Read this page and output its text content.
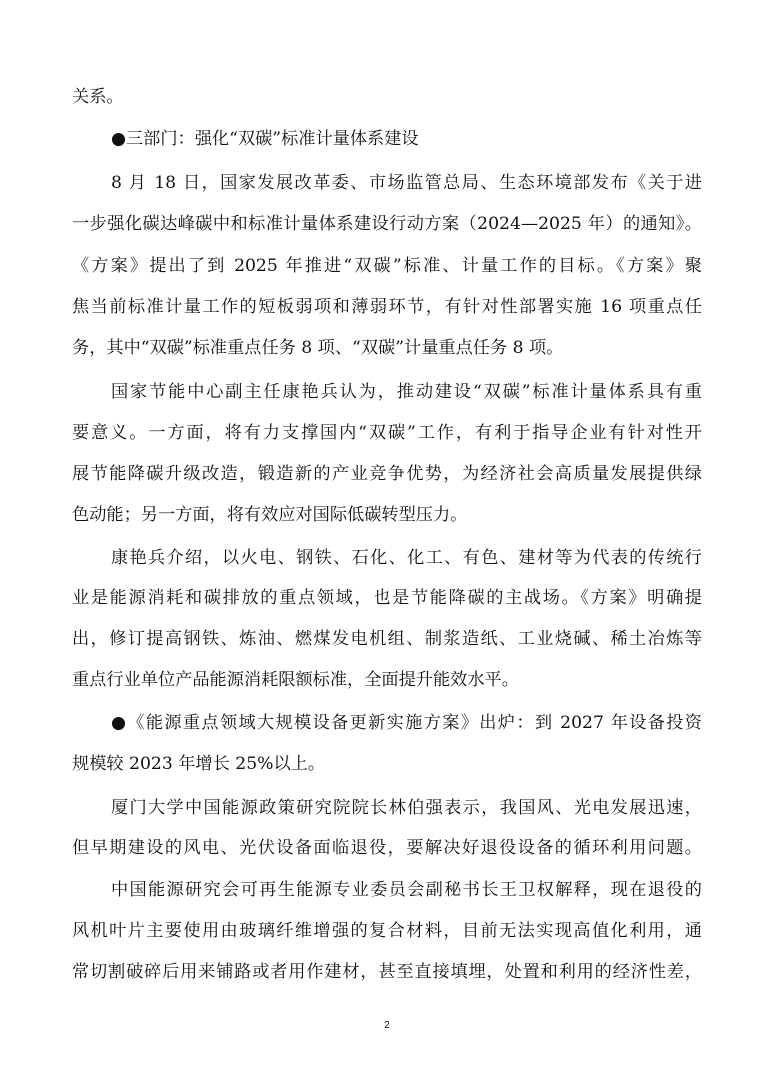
关系。
●三部门：强化“双碳”标准计量体系建设
8 月 18 日，国家发展改革委、市场监管总局、生态环境部发布《关于进
一步强化碳达峰碳中和标准计量体系建设行动方案（2024—2025 年）的通知》。
《方案》提出了到 2025 年推进“双碳”标准、计量工作的目标。《方案》聚
焦当前标准计量工作的短板弱项和薄弱环节，有针对性部署实施 16 项重点任
务，其中“双碳”标准重点任务 8 项、“双碳”计量重点任务 8 项。
国家节能中心副主任康艳兵认为，推动建设“双碳”标准计量体系具有重
要意义。一方面，将有力支撑国内“双碳”工作，有利于指导企业有针对性开
展节能降碳升级改造，锻造新的产业竞争优势，为经济社会高质量发展提供绿
色动能；另一方面，将有效应对国际低碳转型压力。
康艳兵介绍，以火电、钢铁、石化、化工、有色、建材等为代表的传统行
业是能源消耗和碳排放的重点领域，也是节能降碳的主战场。《方案》明确提
出，修订提高钢铁、炼油、燃煤发电机组、制浆造纸、工业烧碱、稀土冶炼等
重点行业单位产品能源消耗限额标准，全面提升能效水平。
●《能源重点领域大规模设备更新实施方案》出炉：到 2027 年设备投资
规模较 2023 年增长 25%以上。
厦门大学中国能源政策研究院院长林伯强表示，我国风、光电发展迅速，
但早期建设的风电、光伏设备面临退役，要解决好退役设备的循环利用问题。
中国能源研究会可再生能源专业委员会副秘书长王卫权解释，现在退役的
风机叶片主要使用由玻璃纤维增强的复合材料，目前无法实现高值化利用，通
常切割破碎后用来铺路或者用作建材，甚至直接填埋，处置和利用的经济性差，
2
